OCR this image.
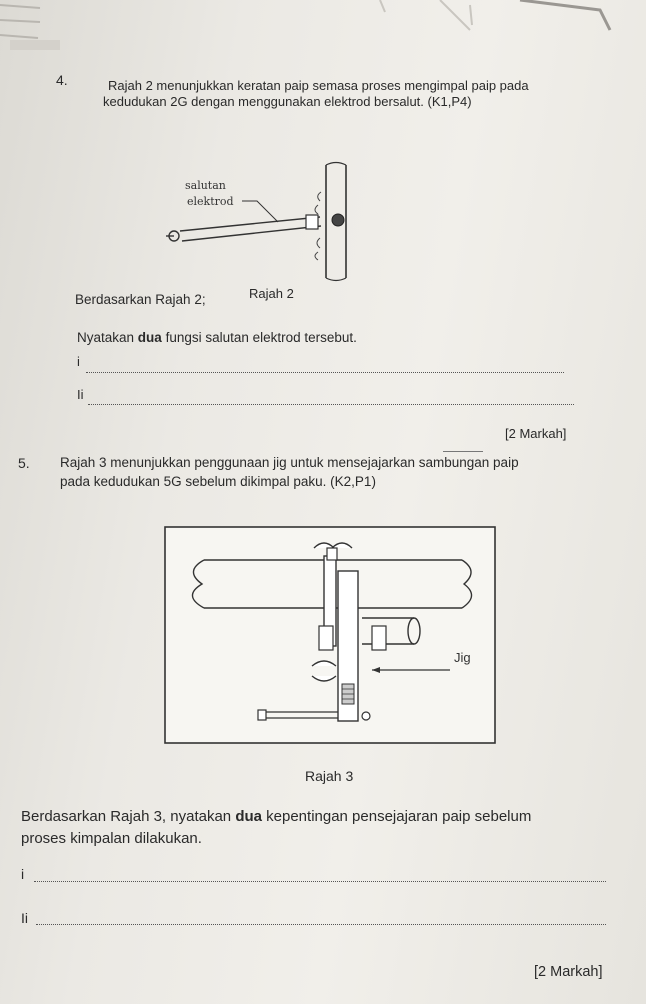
4.	Rajah 2 menunjukkan keratan paip semasa proses mengimpal paip pada
kedudukan 2G dengan menggunakan elektrod bersalut. (K1,P4)
salutan
elektrod
Rajah 2
Berdasarkan Rajah 2;
Nyatakan dua fungsi salutan elektrod tersebut.
i
Ii
[2 Markah]
5. Rajah 3 menunjukkan penggunaan jig untuk mensejajarkan sambungan paip
pada kedudukan 5G sebelum dikimpal paku. (K2,P1)
Jig
Rajah 3
Berdasarkan Rajah 3, nyatakan dua kepentingan pensejajaran paip sebelum
proses kimpalan dilakukan.
i
Ii
[2 Markah]
